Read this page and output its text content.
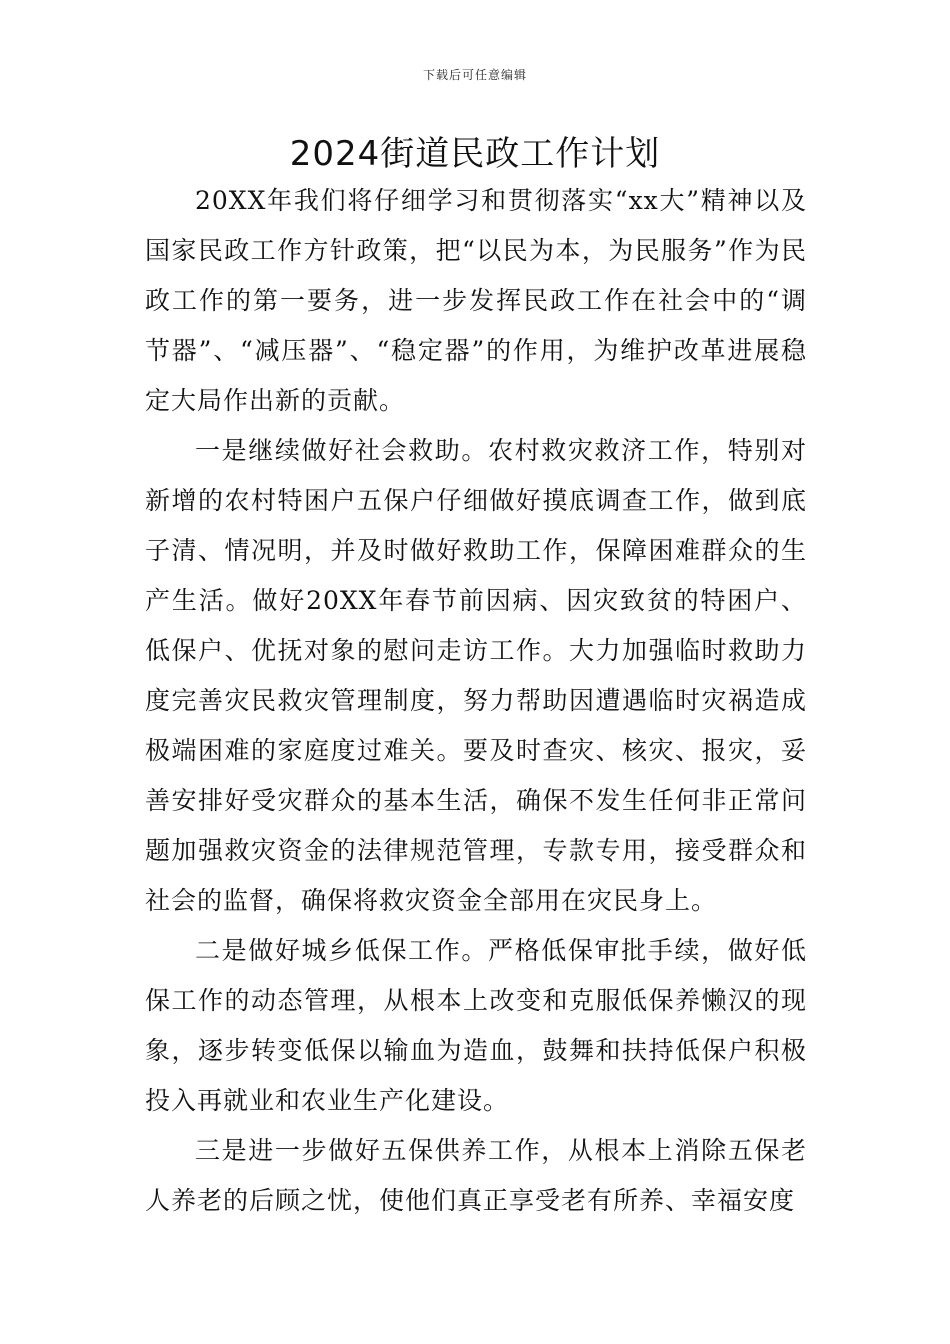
下载后可任意编辑
2024街道民政工作计划

20XX年我们将仔细学习和贯彻落实“xx大”精神以及国家民政工作方针政策，把“以民为本，为民服务”作为民政工作的第一要务，进一步发挥民政工作在社会中的“调节器”、“减压器”、“稳定器”的作用，为维护改革进展稳定大局作出新的贡献。

一是继续做好社会救助。农村救灾救济工作，特别对新增的农村特困户五保户仔细做好摸底调查工作，做到底子清、情况明，并及时做好救助工作，保障困难群众的生产生活。做好20XX年春节前因病、因灾致贫的特困户、低保户、优抚对象的慰问走访工作。大力加强临时救助力度完善灾民救灾管理制度，努力帮助因遭遇临时灾祸造成极端困难的家庭度过难关。要及时查灾、核灾、报灾，妥善安排好受灾群众的基本生活，确保不发生任何非正常问题加强救灾资金的法律规范管理，专款专用，接受群众和社会的监督，确保将救灾资金全部用在灾民身上。

二是做好城乡低保工作。严格低保审批手续，做好低保工作的动态管理，从根本上改变和克服低保养懒汉的现象，逐步转变低保以输血为造血，鼓舞和扶持低保户积极投入再就业和农业生产化建设。

三是进一步做好五保供养工作，从根本上消除五保老人养老的后顾之忧，使他们真正享受老有所养、幸福安度
